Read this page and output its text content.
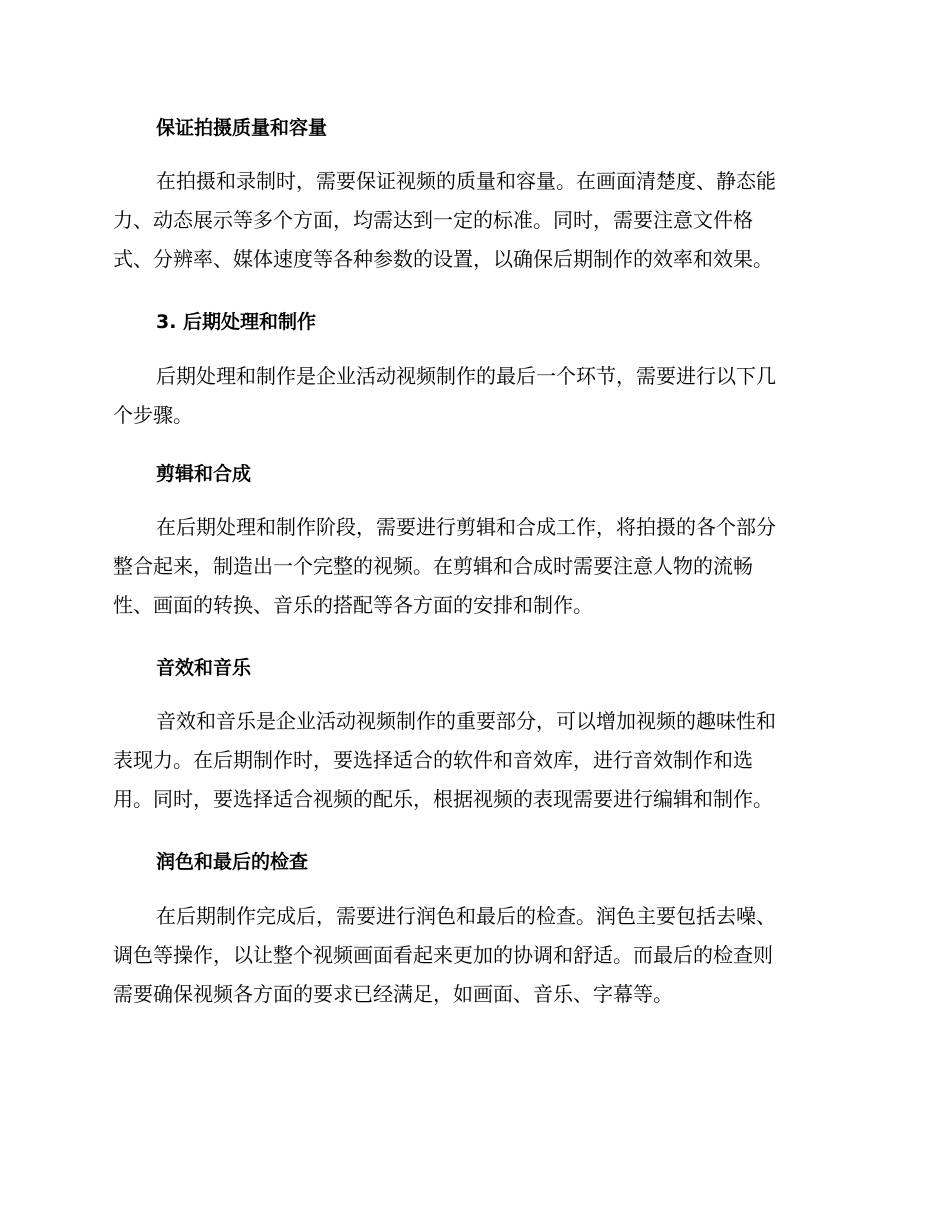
保证拍摄质量和容量

在拍摄和录制时，需要保证视频的质量和容量。在画面清楚度、静态能
力、动态展示等多个方面，均需达到一定的标准。同时，需要注意文件格
式、分辨率、媒体速度等各种参数的设置，以确保后期制作的效率和效果。

3. 后期处理和制作

后期处理和制作是企业活动视频制作的最后一个环节，需要进行以下几
个步骤。

剪辑和合成

在后期处理和制作阶段，需要进行剪辑和合成工作，将拍摄的各个部分
整合起来，制造出一个完整的视频。在剪辑和合成时需要注意人物的流畅
性、画面的转换、音乐的搭配等各方面的安排和制作。

音效和音乐

音效和音乐是企业活动视频制作的重要部分，可以增加视频的趣味性和
表现力。在后期制作时，要选择适合的软件和音效库，进行音效制作和选
用。同时，要选择适合视频的配乐，根据视频的表现需要进行编辑和制作。

润色和最后的检查

在后期制作完成后，需要进行润色和最后的检查。润色主要包括去噪、
调色等操作，以让整个视频画面看起来更加的协调和舒适。而最后的检查则
需要确保视频各方面的要求已经满足，如画面、音乐、字幕等。
